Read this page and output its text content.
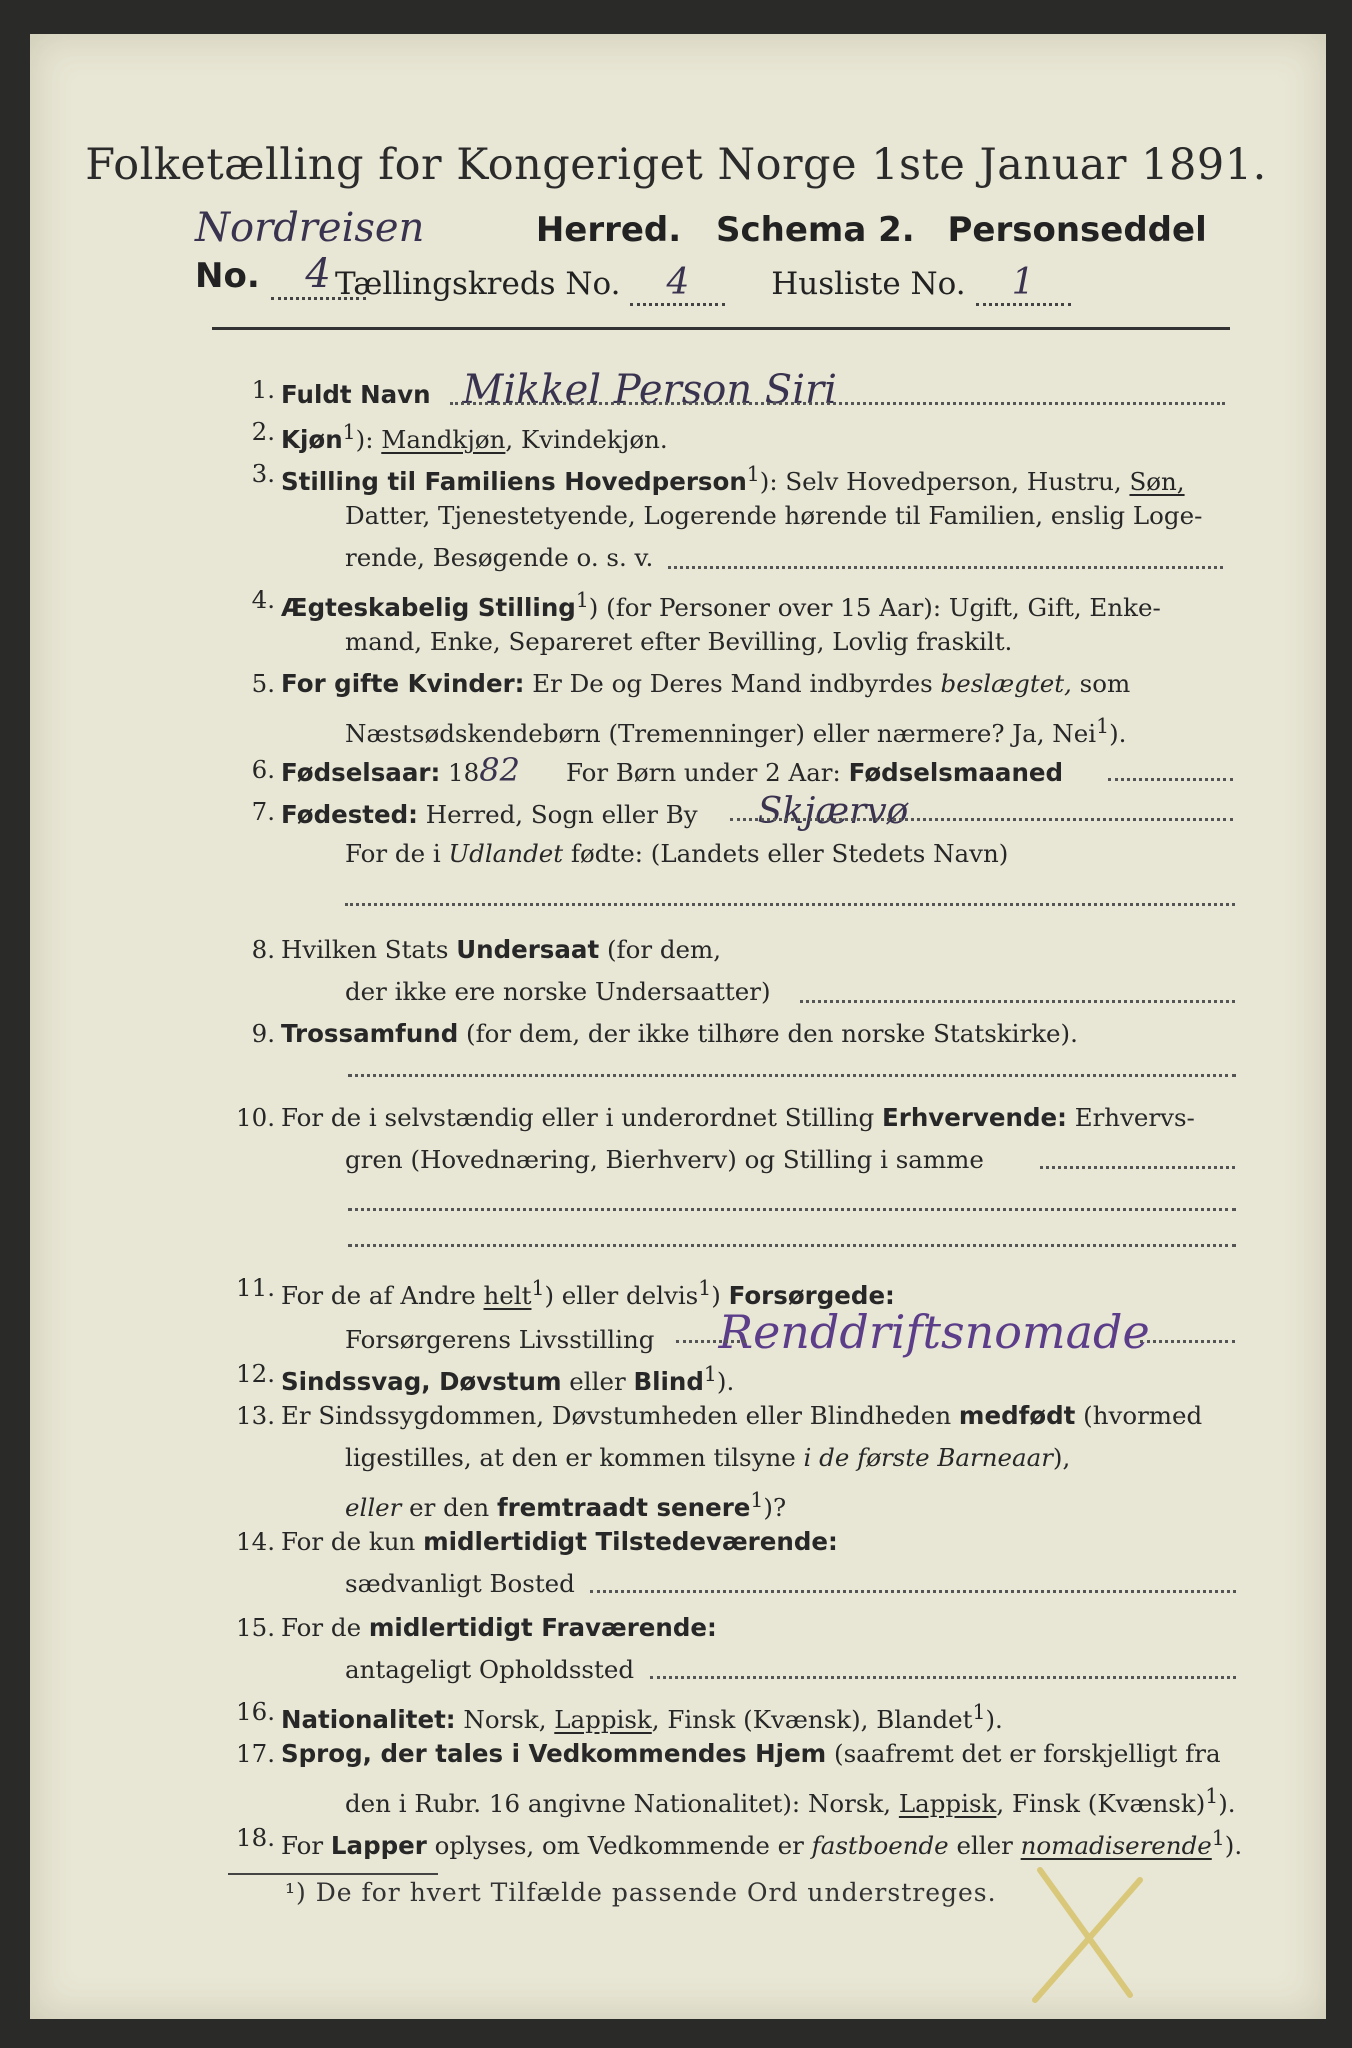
Folketælling for Kongeriget Norge 1ste Januar 1891.
Nordreisen	Herred. Schema 2. Personseddel No. 4 Tællingskreds No. 4	Husliste No. 1
1. Fuldt Navn Mikkel Person Siri
2. Kjøn$^1$): Mandkjøn, Kvindekjøn.
3. Stilling til Familiens Hovedperson$^1$): Selv Hovedperson, Hustru, Søn,
Datter, Tjenestetyende, Logerende hørende til Familien, enslig Loge-
rende, Besøgende o. s. v.
4. Ægteskabelig Stilling$^1$) (for Personer over 15 Aar): Ugift, Gift, Enke-
mand, Enke, Separeret efter Bevilling, Lovlig fraskilt.
5. For gifte Kvinder: Er De og Deres Mand indbyrdes beslægtet, som
Næstsødskendebørn (Tremenninger) eller nærmere? Ja, Nei$^1$).
6. Fødselsaar: 1882 For Børn under 2 Aar: Fødselsmaaned
7. Fødested: Herred, Sogn eller By Skjærvø
For de i Udlandet fødte: (Landets eller Stedets Navn)
8. Hvilken Stats Undersaat (for dem,
der ikke ere norske Undersaatter)
9. Trossamfund (for dem, der ikke tilhøre den norske Statskirke).
10. For de i selvstændig eller i underordnet Stilling Erhvervende: Erhvervs-
gren (Hovednæring, Bierhverv) og Stilling i samme
11. For de af Andre helt$^1$) eller delvis$^1$) Forsørgede:
Forsørgerens Livsstilling Renddriftsnomade
12. Sindssvag, Døvstum eller Blind$^1$).
13. Er Sindssygdommen, Døvstumheden eller Blindheden medfødt (hvormed
ligestilles, at den er kommen tilsyne i de første Barneaar),
eller er den fremtraadt senere$^1$)?
14. For de kun midlertidigt Tilstedeværende:
sædvanligt Bosted
15. For de midlertidigt Fraværende:
antageligt Opholdssted
16. Nationalitet: Norsk, Lappisk, Finsk (Kvænsk), Blandet$^1$).
17. Sprog, der tales i Vedkommendes Hjem (saafremt det er forskjelligt fra
den i Rubr. 16 angivne Nationalitet): Norsk, Lappisk, Finsk (Kvænsk)$^1$).
18. For Lapper oplyses, om Vedkommende er fastboende eller nomadiserende$^1$).
¹) De for hvert Tilfælde passende Ord understreges.
